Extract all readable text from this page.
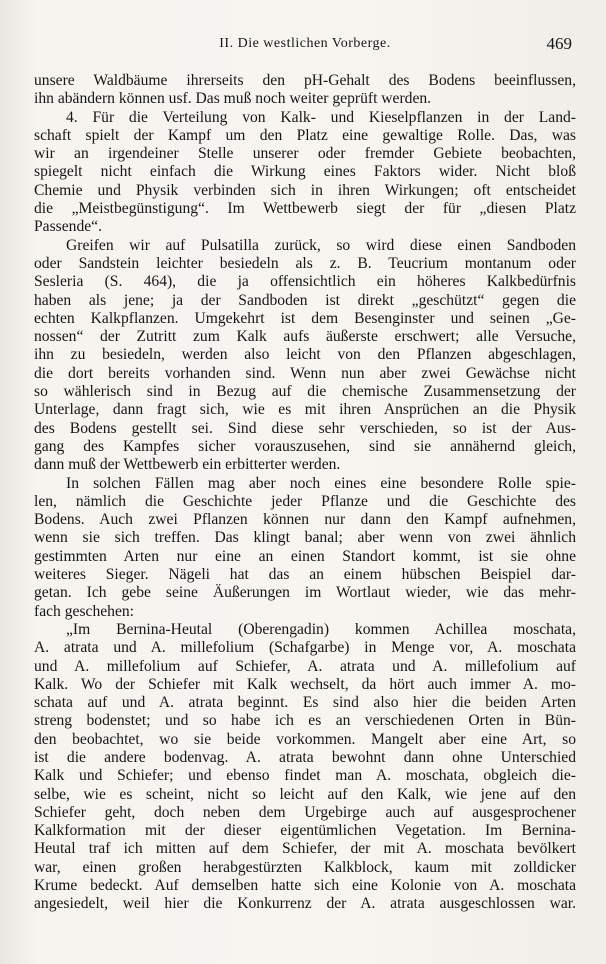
II. Die westlichen Vorberge.	469
unsere Waldbäume ihrerseits den pH-Gehalt des Bodens beeinflussen,
ihn abändern können usf. Das muß noch weiter geprüft werden.
4. Für die Verteilung von Kalk- und Kieselpflanzen in der Land-
schaft spielt der Kampf um den Platz eine gewaltige Rolle. Das, was
wir an irgendeiner Stelle unserer oder fremder Gebiete beobachten,
spiegelt nicht einfach die Wirkung eines Faktors wider. Nicht bloß
Chemie und Physik verbinden sich in ihren Wirkungen; oft entscheidet
die „Meistbegünstigung“. Im Wettbewerb siegt der für „diesen Platz
Passende“.
Greifen wir auf Pulsatilla zurück, so wird diese einen Sandboden
oder Sandstein leichter besiedeln als z. B. Teucrium montanum oder
Sesleria (S. 464), die ja offensichtlich ein höheres Kalkbedürfnis
haben als jene; ja der Sandboden ist direkt „geschützt“ gegen die
echten Kalkpflanzen. Umgekehrt ist dem Besenginster und seinen „Ge-
nossen“ der Zutritt zum Kalk aufs äußerste erschwert; alle Versuche,
ihn zu besiedeln, werden also leicht von den Pflanzen abgeschlagen,
die dort bereits vorhanden sind. Wenn nun aber zwei Gewächse nicht
so wählerisch sind in Bezug auf die chemische Zusammensetzung der
Unterlage, dann fragt sich, wie es mit ihren Ansprüchen an die Physik
des Bodens gestellt sei. Sind diese sehr verschieden, so ist der Aus-
gang des Kampfes sicher vorauszusehen, sind sie annähernd gleich,
dann muß der Wettbewerb ein erbitterter werden.
In solchen Fällen mag aber noch eines eine besondere Rolle spie-
len, nämlich die Geschichte jeder Pflanze und die Geschichte des
Bodens. Auch zwei Pflanzen können nur dann den Kampf aufnehmen,
wenn sie sich treffen. Das klingt banal; aber wenn von zwei ähnlich
gestimmten Arten nur eine an einen Standort kommt, ist sie ohne
weiteres Sieger. Nägeli hat das an einem hübschen Beispiel dar-
getan. Ich gebe seine Äußerungen im Wortlaut wieder, wie das mehr-
fach geschehen:
„Im Bernina-Heutal (Oberengadin) kommen Achillea moschata,
A. atrata und A. millefolium (Schafgarbe) in Menge vor, A. moschata
und A. millefolium auf Schiefer, A. atrata und A. millefolium auf
Kalk. Wo der Schiefer mit Kalk wechselt, da hört auch immer A. mo-
schata auf und A. atrata beginnt. Es sind also hier die beiden Arten
streng bodenstet; und so habe ich es an verschiedenen Orten in Bün-
den beobachtet, wo sie beide vorkommen. Mangelt aber eine Art, so
ist die andere bodenvag. A. atrata bewohnt dann ohne Unterschied
Kalk und Schiefer; und ebenso findet man A. moschata, obgleich die-
selbe, wie es scheint, nicht so leicht auf den Kalk, wie jene auf den
Schiefer geht, doch neben dem Urgebirge auch auf ausgesprochener
Kalkformation mit der dieser eigentümlichen Vegetation. Im Bernina-
Heutal traf ich mitten auf dem Schiefer, der mit A. moschata bevölkert
war, einen großen herabgestürzten Kalkblock, kaum mit zolldicker
Krume bedeckt. Auf demselben hatte sich eine Kolonie von A. moschata
angesiedelt, weil hier die Konkurrenz der A. atrata ausgeschlossen war.
